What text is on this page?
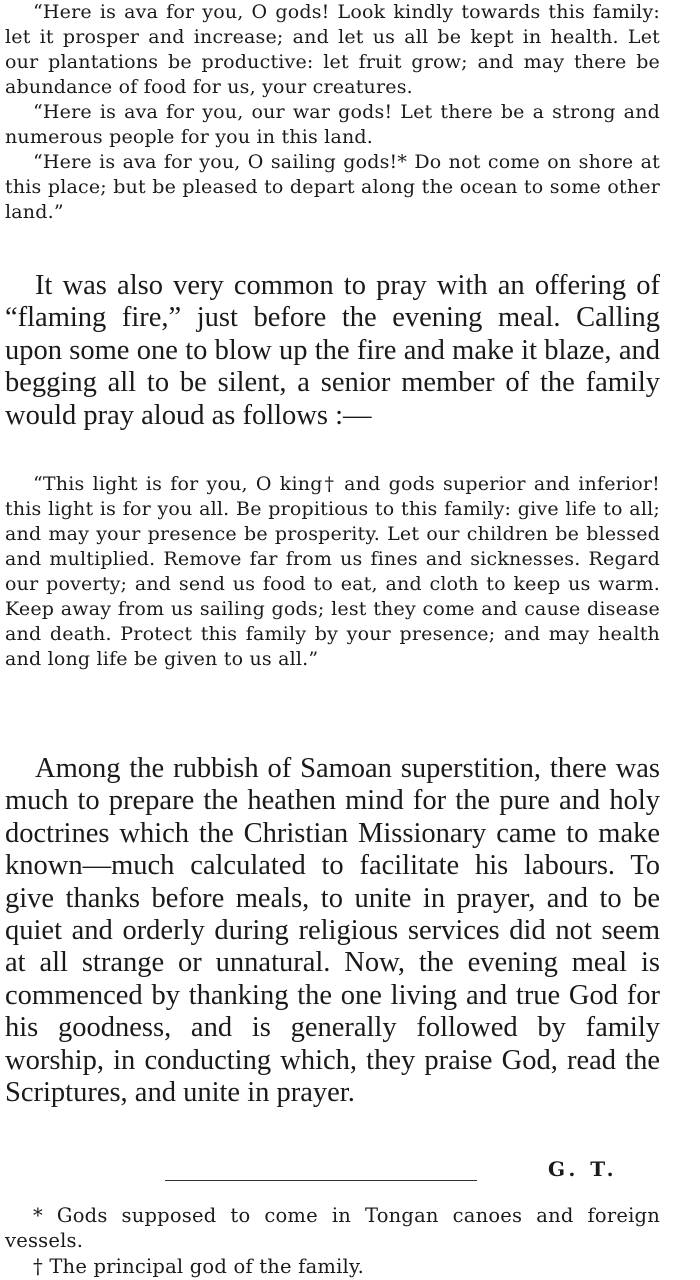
“Here is ava for you, O gods! Look kindly towards this family: let it prosper and increase; and let us all be kept in health. Let our plantations be productive: let fruit grow; and may there be abundance of food for us, your creatures.

“Here is ava for you, our war gods! Let there be a strong and numerous people for you in this land.

“Here is ava for you, O sailing gods!* Do not come on shore at this place; but be pleased to depart along the ocean to some other land.”

It was also very common to pray with an offering of “flaming fire,” just before the evening meal. Calling upon some one to blow up the fire and make it blaze, and begging all to be silent, a senior member of the family would pray aloud as follows :—

“This light is for you, O king† and gods superior and inferior! this light is for you all. Be propitious to this family: give life to all; and may your presence be prosperity. Let our children be blessed and multiplied. Remove far from us fines and sicknesses. Regard our poverty; and send us food to eat, and cloth to keep us warm. Keep away from us sailing gods; lest they come and cause disease and death. Protect this family by your presence; and may health and long life be given to us all.”

Among the rubbish of Samoan superstition, there was much to prepare the heathen mind for the pure and holy doctrines which the Christian Missionary came to make known—much calculated to facilitate his labours. To give thanks before meals, to unite in prayer, and to be quiet and orderly during religious services did not seem at all strange or unnatural. Now, the evening meal is commenced by thanking the one living and true God for his goodness, and is generally followed by family worship, in conducting which, they praise God, read the Scriptures, and unite in prayer.

G. T.

* Gods supposed to come in Tongan canoes and foreign vessels.

† The principal god of the family.
